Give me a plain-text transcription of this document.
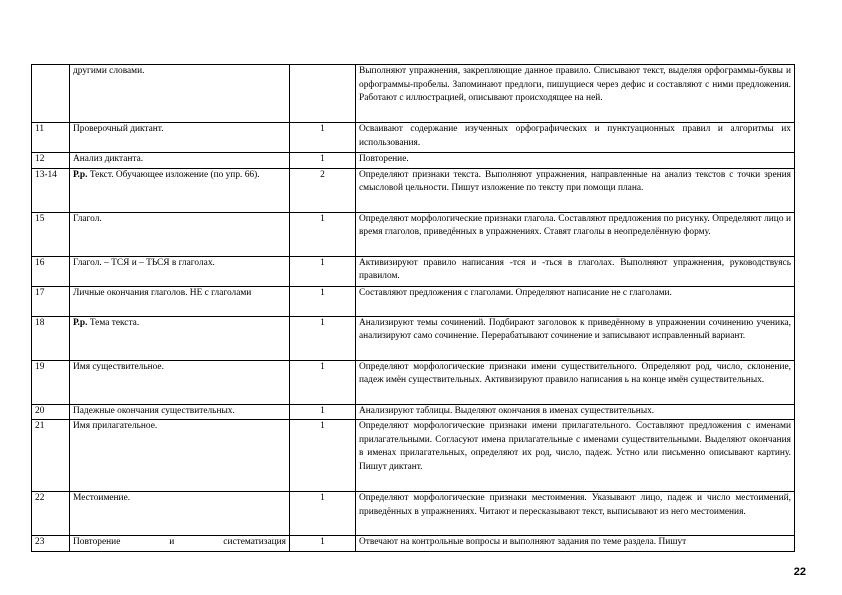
	другими словами.		Выполняют упражнения, закрепляющие данное правило. Списывают текст, выделяя орфограммы-буквы и орфограммы-пробелы. Запоминают предлоги, пишущиеся через дефис и составляют с ними предложения. Работают с иллюстрацией, описывают происходящее на ней.
11	Проверочный диктант.	1	Осваивают содержание изученных орфографических и пунктуационных правил и алгоритмы их использования.
12	Анализ диктанта.	1	Повторение.
13-14	Р.р. Текст. Обучающее изложение (по упр. 66).	2	Определяют признаки текста. Выполняют упражнения, направленные на анализ текстов с точки зрения смысловой цельности. Пишут изложение по тексту при помощи плана.
15	Глагол.	1	Определяют морфологические признаки глагола. Составляют предложения по рисунку. Определяют лицо и время глаголов, приведённых в упражнениях. Ставят глаголы в неопределённую форму.
16	Глагол. – ТСЯ и – ТЬСЯ в глаголах.	1	Активизируют правило написания -тся и -ться в глаголах. Выполняют упражнения, руководствуясь правилом.
17	Личные окончания глаголов. НЕ с глаголами	1	Составляют предложения с глаголами. Определяют написание не с глаголами.
18	Р.р. Тема текста.	1	Анализируют темы сочинений. Подбирают заголовок к приведённому в упражнении сочинению ученика, анализируют само сочинение. Перерабатывают сочинение и записывают исправленный вариант.
19	Имя существительное.	1	Определяют морфологические признаки имени существительного. Определяют род, число, склонение, падеж имён существительных. Активизируют правило написания ь на конце имён существительных.
20	Падежные окончания существительных.	1	Анализируют таблицы. Выделяют окончания в именах существительных.
21	Имя прилагательное.	1	Определяют морфологические признаки имени прилагательного. Составляют предложения с именами прилагательными. Согласуют имена прилагательные с именами существительными. Выделяют окончания в именах прилагательных, определяют их род, число, падеж. Устно или письменно описывают картину. Пишут диктант.
22	Местоимение.	1	Определяют морфологические признаки местоимения. Указывают лицо, падеж и число местоимений, приведённых в упражнениях. Читают и пересказывают текст, выписывают из него местоимения.
23	Повторение и систематизация	1	Отвечают на контрольные вопросы и выполняют задания по теме раздела. Пишут
22
